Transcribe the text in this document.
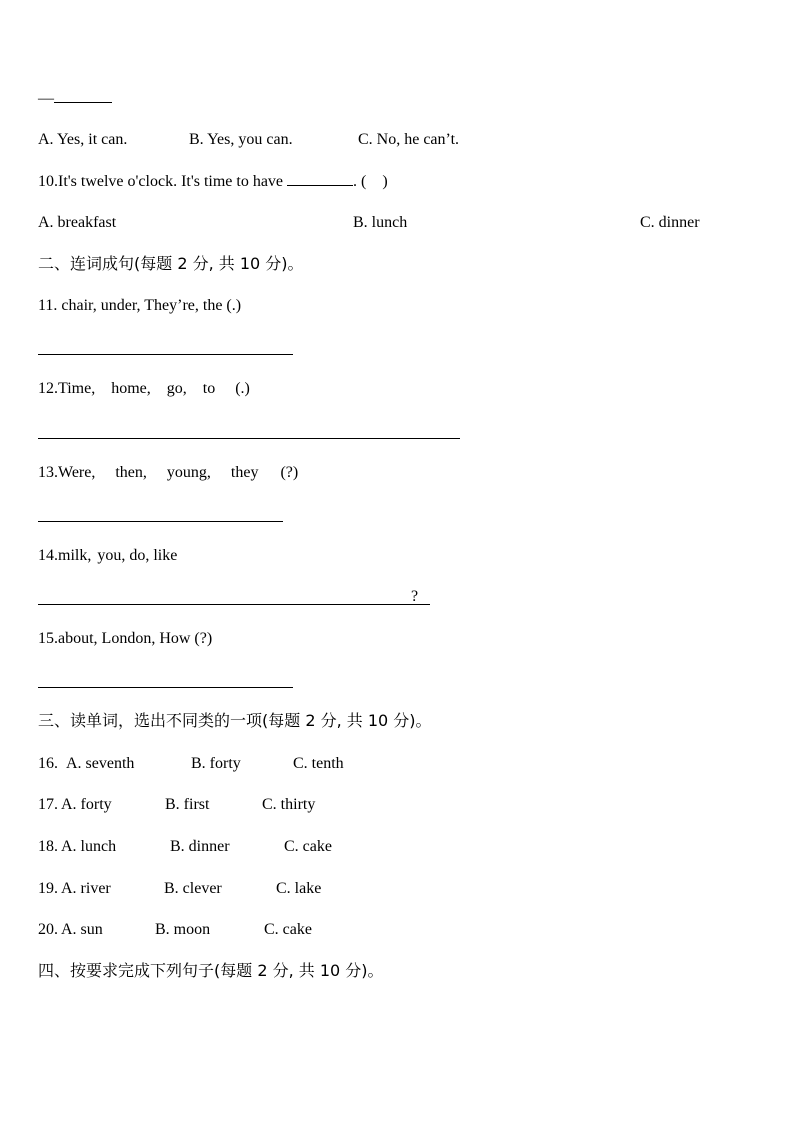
—
A. Yes, it can.	B. Yes, you can.	C. No, he can’t.
10.It's twelve o'clock. It's time to have	. ( )
A. breakfast	B. lunch	C. dinner
二、连词成句(每题 2 分, 共 10 分)。
11. chair, under, They’re, the (.)
12.Time, home, go, to (.)
13.Were, then, young, they (?)
14.milk, you, do, like
?
15.about, London, How (?)
三、读单词，选出不同类的一项(每题 2 分, 共 10 分)。
16. A. seventh	B. forty	C. tenth
17. A. forty	B. first	C. thirty
18. A. lunch	B. dinner	C. cake
19. A. river	B. clever	C. lake
20. A. sun	B. moon	C. cake
四、按要求完成下列句子(每题 2 分, 共 10 分)。
